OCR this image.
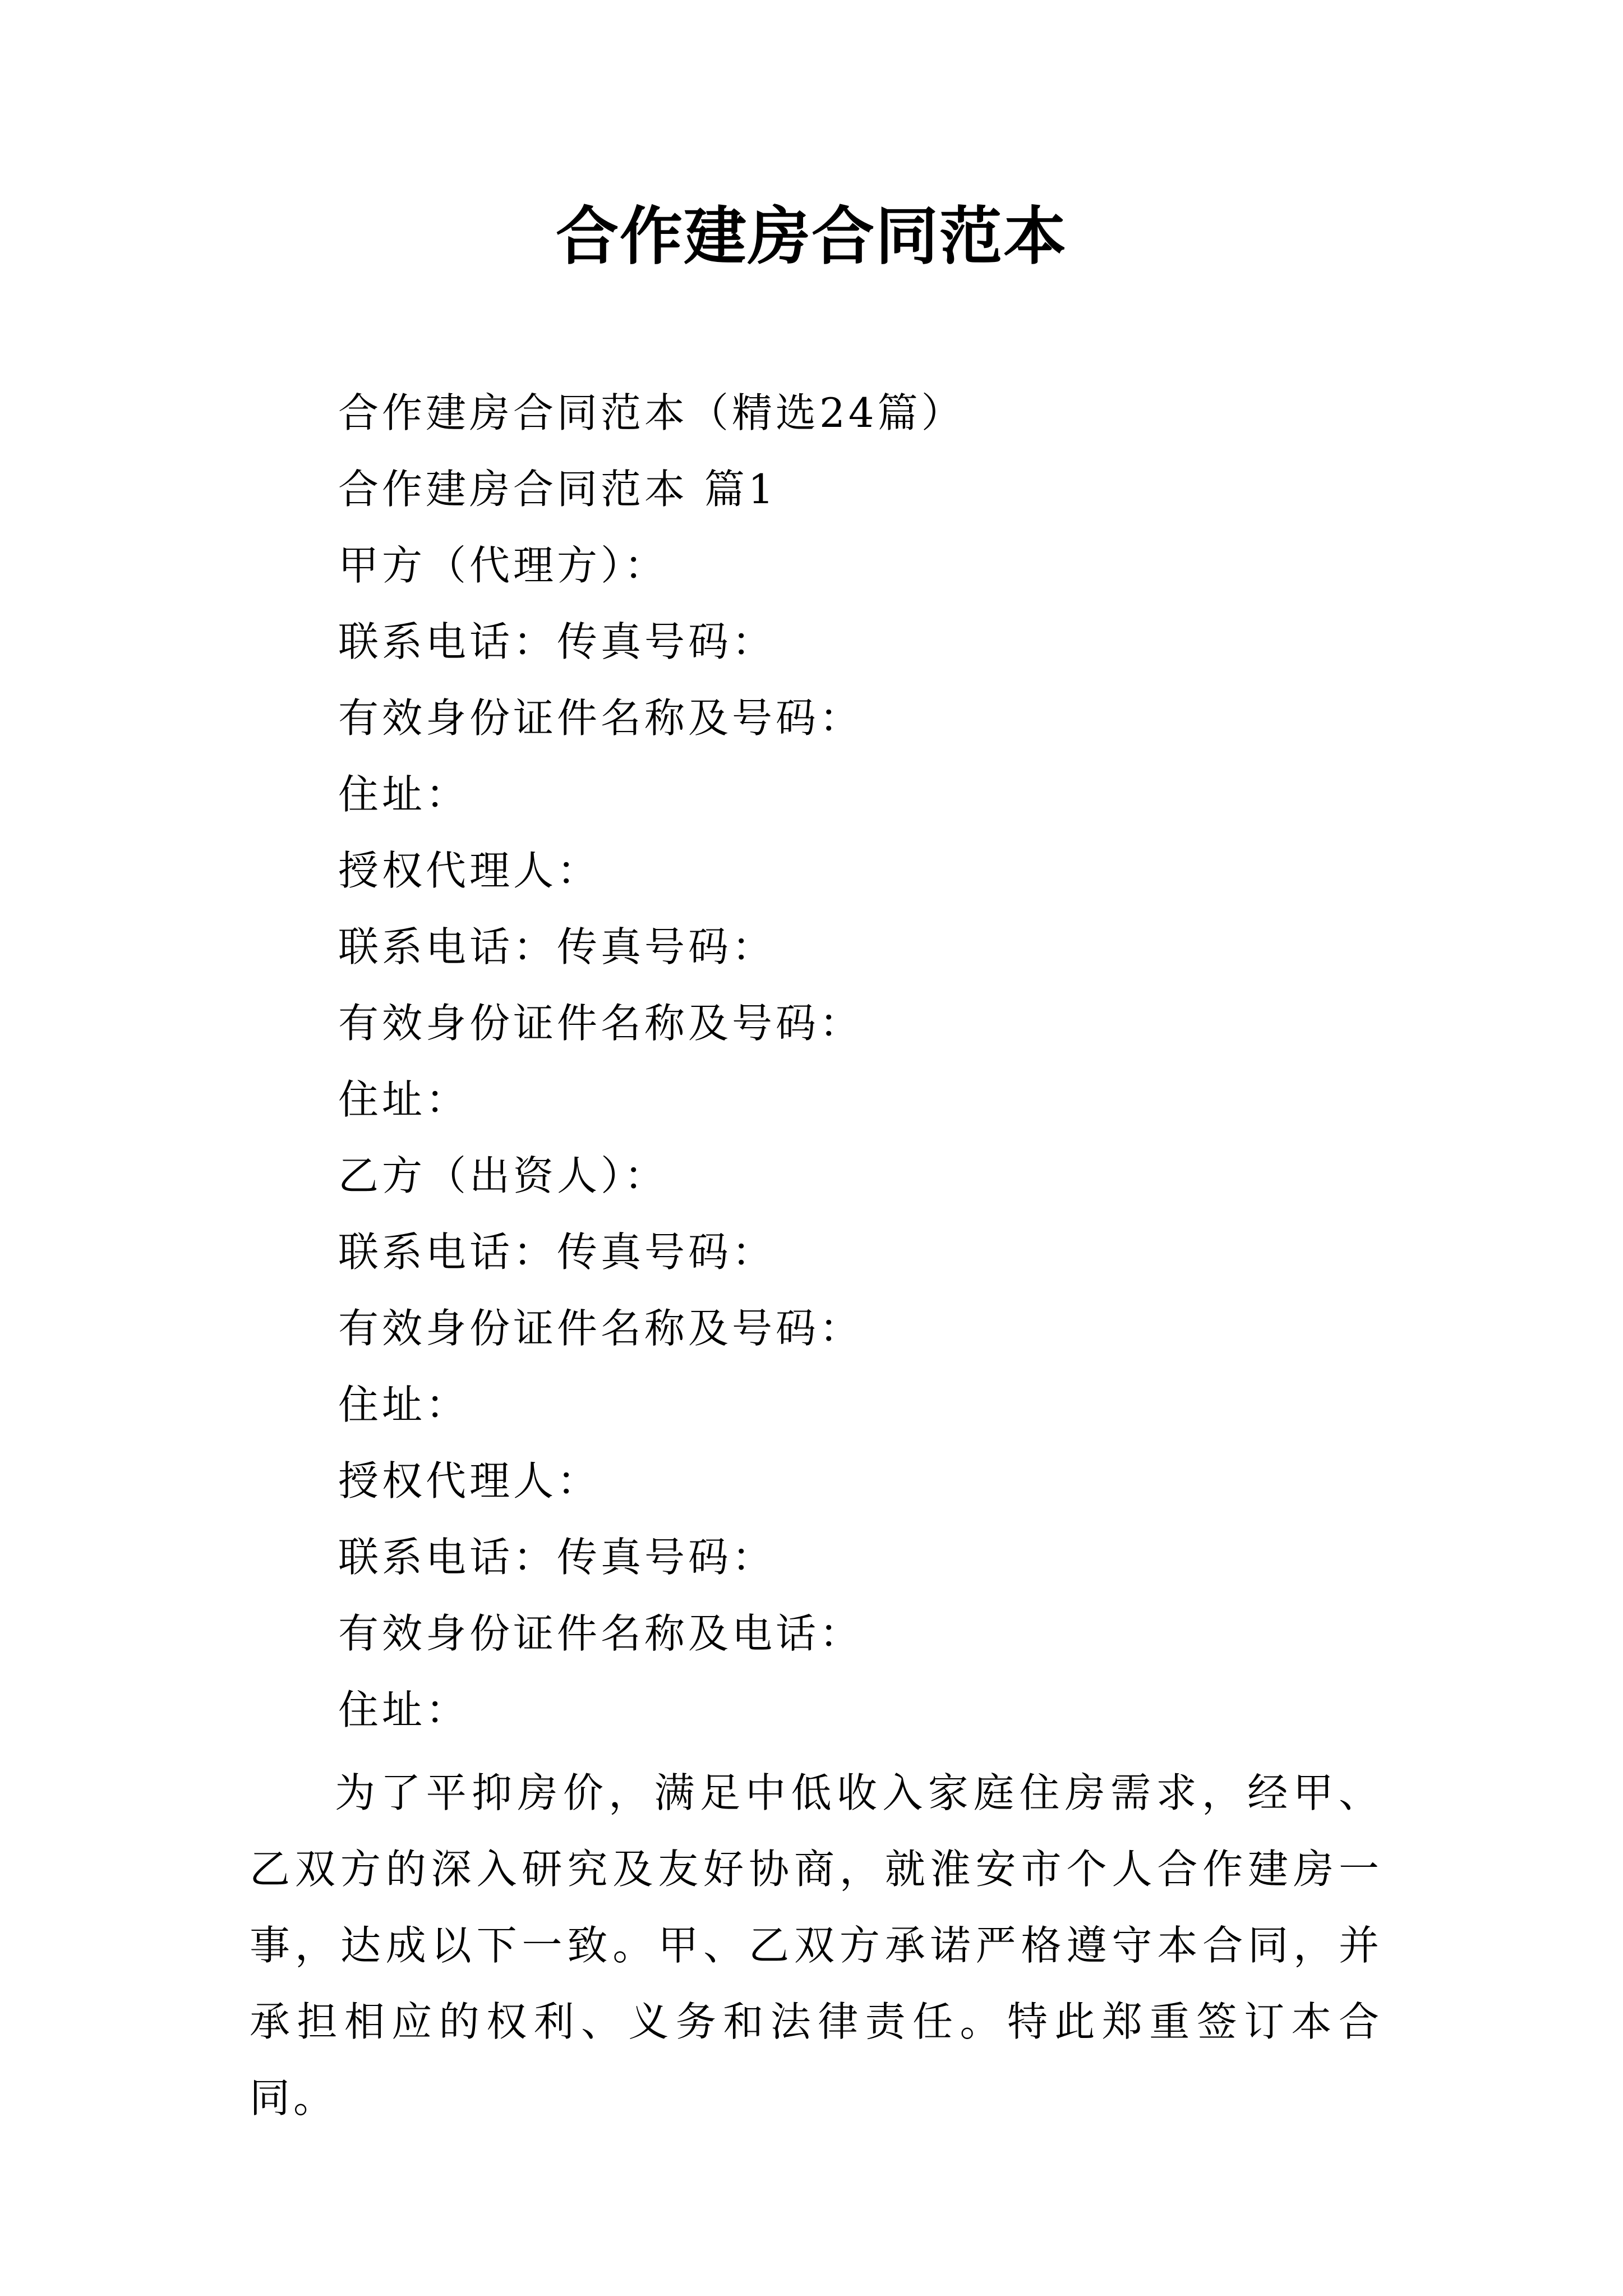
合作建房合同范本
合作建房合同范本（精选24篇）
合作建房合同范本 篇1
甲方（代理方）：
联系电话：传真号码：
有效身份证件名称及号码：
住址：
授权代理人：
联系电话：传真号码：
有效身份证件名称及号码：
住址：
乙方（出资人）：
联系电话：传真号码：
有效身份证件名称及号码：
住址：
授权代理人：
联系电话：传真号码：
有效身份证件名称及电话：
住址：

为了平抑房价，满足中低收入家庭住房需求，经甲、乙双方的深入研究及友好协商，就淮安市个人合作建房一事，达成以下一致。甲、乙双方承诺严格遵守本合同，并承担相应的权利、义务和法律责任。特此郑重签订本合同。
